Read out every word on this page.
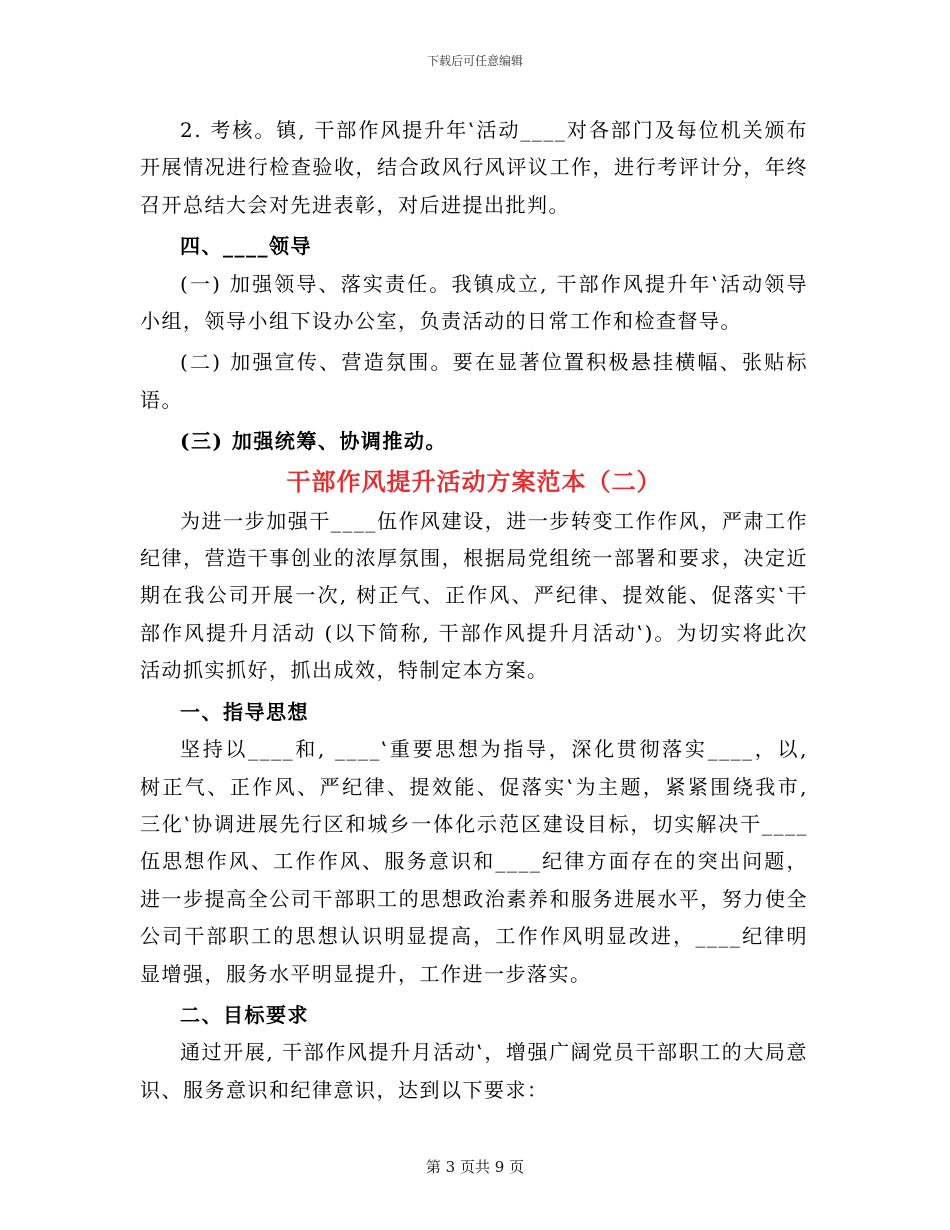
下载后可任意编辑

2. 考核。镇, 干部作风提升年‛活动____对各部门及每位机关颁布开展情况进行检查验收，结合政风行风评议工作，进行考评计分，年终召开总结大会对先进表彰，对后进提出批判。

四、____领导

(一) 加强领导、落实责任。我镇成立, 干部作风提升年‛活动领导小组，领导小组下设办公室，负责活动的日常工作和检查督导。

(二) 加强宣传、营造氛围。要在显著位置积极悬挂横幅、张贴标语。

(三) 加强统筹、协调推动。

干部作风提升活动方案范本（二）

为进一步加强干____伍作风建设，进一步转变工作作风，严肃工作纪律，营造干事创业的浓厚氛围，根据局党组统一部署和要求，决定近期在我公司开展一次, 树正气、正作风、严纪律、提效能、促落实‛干部作风提升月活动 (以下简称, 干部作风提升月活动‛)。为切实将此次活动抓实抓好，抓出成效，特制定本方案。

一、指导思想

坚持以____和, ____‛重要思想为指导，深化贯彻落实____，以, 树正气、正作风、严纪律、提效能、促落实‛为主题，紧紧围绕我市, 三化‛协调进展先行区和城乡一体化示范区建设目标，切实解决干____伍思想作风、工作作风、服务意识和____纪律方面存在的突出问题，进一步提高全公司干部职工的思想政治素养和服务进展水平，努力使全公司干部职工的思想认识明显提高，工作作风明显改进，____纪律明显增强，服务水平明显提升，工作进一步落实。

二、目标要求

通过开展, 干部作风提升月活动‛，增强广阔党员干部职工的大局意识、服务意识和纪律意识，达到以下要求：

第 3 页共 9 页
